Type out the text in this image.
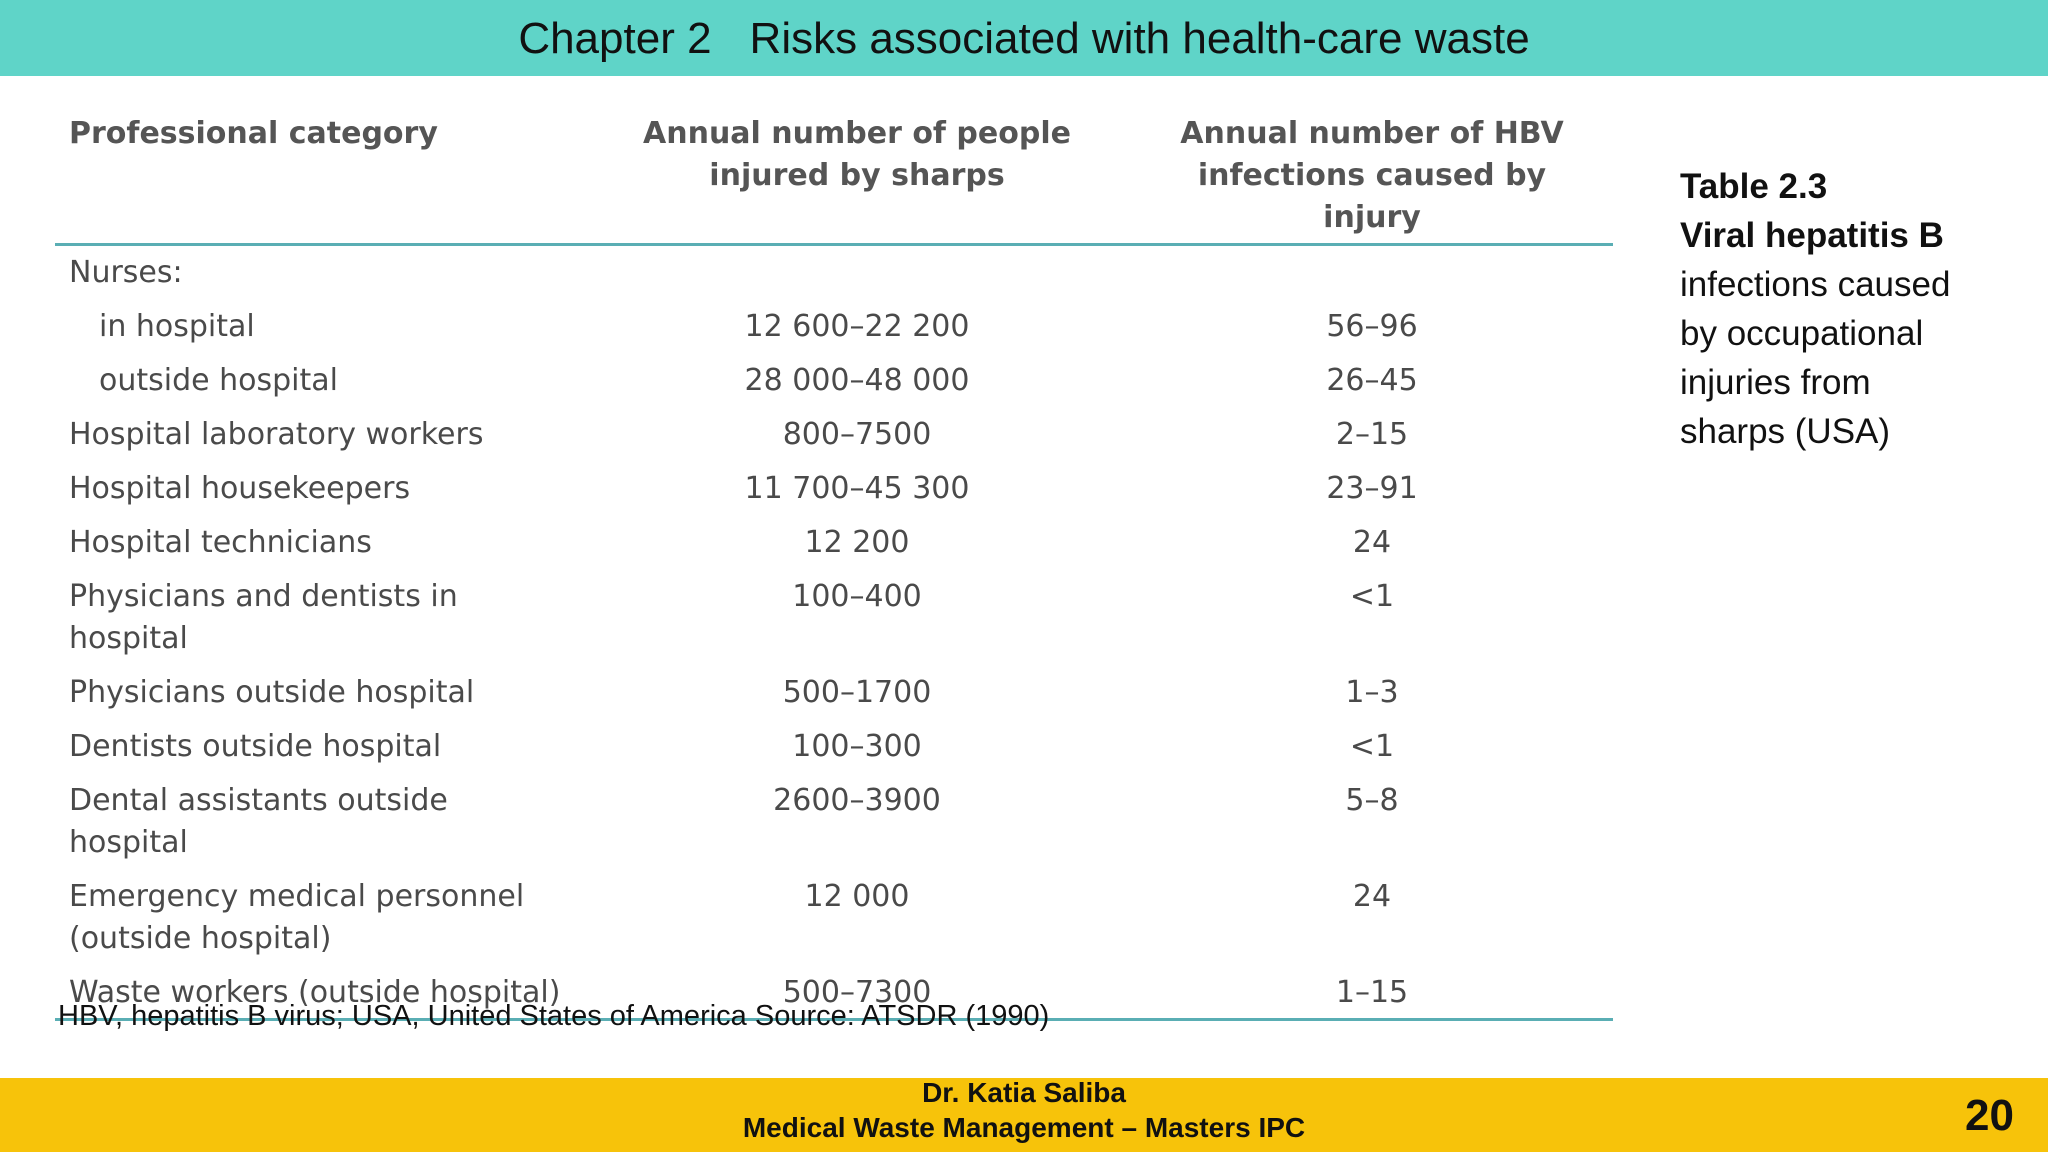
Chapter 2 Risks associated with health-care waste
Professional category	Annual number of people injured by sharps	Annual number of HBV infections caused by injury
Nurses:		
in hospital	12 600–22 200	56–96
outside hospital	28 000–48 000	26–45
Hospital laboratory workers	800–7500	2–15
Hospital housekeepers	11 700–45 300	23–91
Hospital technicians	12 200	24
Physicians and dentists in hospital	100–400	<1
Physicians outside hospital	500–1700	1–3
Dentists outside hospital	100–300	<1
Dental assistants outside hospital	2600–3900	5–8
Emergency medical personnel (outside hospital)	12 000	24
Waste workers (outside hospital)	500–7300	1–15
HBV, hepatitis B virus; USA, United States of America Source: ATSDR (1990)
Table 2.3
Viral hepatitis B
infections caused
by occupational
injuries from
sharps (USA)
Dr. Katia Saliba
Medical Waste Management – Masters IPC	20
